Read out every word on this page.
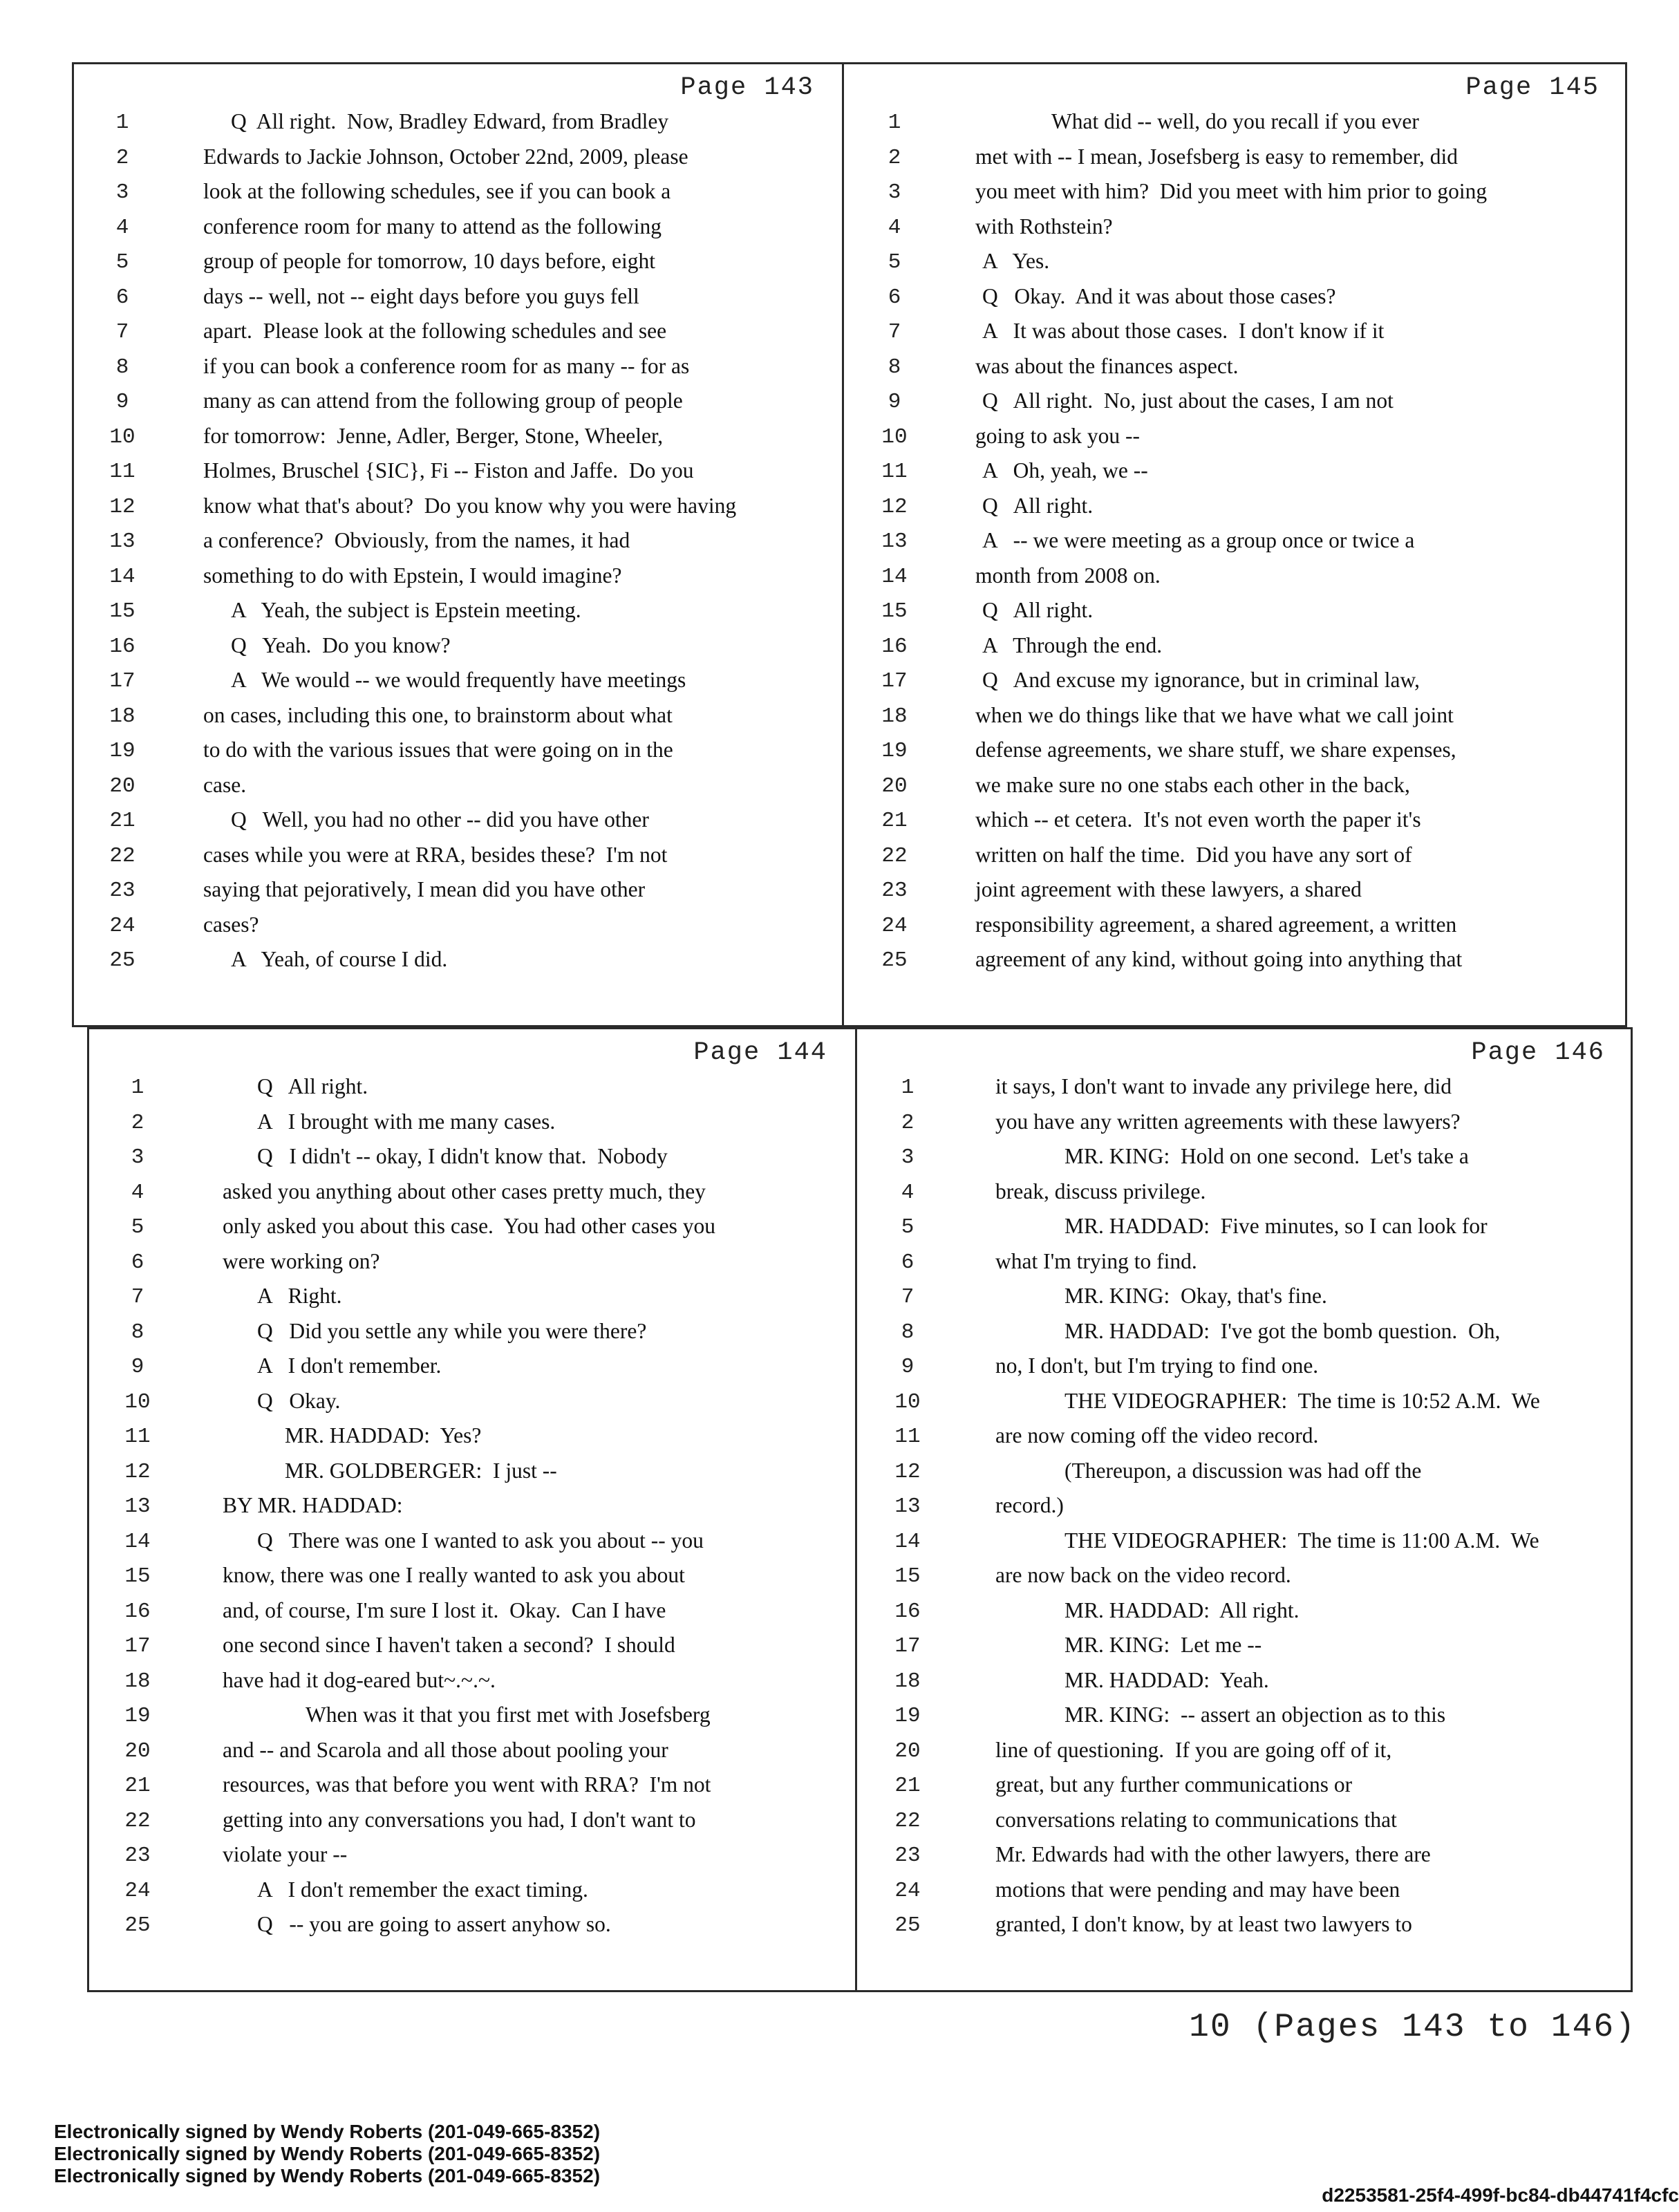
Page 143
1	Q  All right.  Now, Bradley Edward, from Bradley
2	Edwards to Jackie Johnson, October 22nd, 2009, please
3	look at the following schedules, see if you can book a
4	conference room for many to attend as the following
5	group of people for tomorrow, 10 days before, eight
6	days -- well, not -- eight days before you guys fell
7	apart.  Please look at the following schedules and see
8	if you can book a conference room for as many -- for as
9	many as can attend from the following group of people
10	for tomorrow:  Jenne, Adler, Berger, Stone, Wheeler,
11	Holmes, Bruschel {SIC}, Fi -- Fiston and Jaffe.  Do you
12	know what that's about?  Do you know why you were having
13	a conference?  Obviously, from the names, it had
14	something to do with Epstein, I would imagine?
15	A   Yeah, the subject is Epstein meeting.
16	Q   Yeah.  Do you know?
17	A   We would -- we would frequently have meetings
18	on cases, including this one, to brainstorm about what
19	to do with the various issues that were going on in the
20	case.
21	Q   Well, you had no other -- did you have other
22	cases while you were at RRA, besides these?  I'm not
23	saying that pejoratively, I mean did you have other
24	cases?
25	A   Yeah, of course I did.
Page 145
1	What did -- well, do you recall if you ever
2	met with -- I mean, Josefsberg is easy to remember, did
3	you meet with him?  Did you meet with him prior to going
4	with Rothstein?
5	A   Yes.
6	Q   Okay.  And it was about those cases?
7	A   It was about those cases.  I don't know if it
8	was about the finances aspect.
9	Q   All right.  No, just about the cases, I am not
10	going to ask you --
11	A   Oh, yeah, we --
12	Q   All right.
13	A   -- we were meeting as a group once or twice a
14	month from 2008 on.
15	Q   All right.
16	A   Through the end.
17	Q   And excuse my ignorance, but in criminal law,
18	when we do things like that we have what we call joint
19	defense agreements, we share stuff, we share expenses,
20	we make sure no one stabs each other in the back,
21	which -- et cetera.  It's not even worth the paper it's
22	written on half the time.  Did you have any sort of
23	joint agreement with these lawyers, a shared
24	responsibility agreement, a shared agreement, a written
25	agreement of any kind, without going into anything that
Page 144
1	Q   All right.
2	A   I brought with me many cases.
3	Q   I didn't -- okay, I didn't know that.  Nobody
4	asked you anything about other cases pretty much, they
5	only asked you about this case.  You had other cases you
6	were working on?
7	A   Right.
8	Q   Did you settle any while you were there?
9	A   I don't remember.
10	Q   Okay.
11	MR. HADDAD:  Yes?
12	MR. GOLDBERGER:  I just --
13	BY MR. HADDAD:
14	Q   There was one I wanted to ask you about -- you
15	know, there was one I really wanted to ask you about
16	and, of course, I'm sure I lost it.  Okay.  Can I have
17	one second since I haven't taken a second?  I should
18	have had it dog-eared but~.~.~.
19	When was it that you first met with Josefsberg
20	and -- and Scarola and all those about pooling your
21	resources, was that before you went with RRA?  I'm not
22	getting into any conversations you had, I don't want to
23	violate your --
24	A   I don't remember the exact timing.
25	Q   -- you are going to assert anyhow so.
Page 146
1	it says, I don't want to invade any privilege here, did
2	you have any written agreements with these lawyers?
3	MR. KING:  Hold on one second.  Let's take a
4	break, discuss privilege.
5	MR. HADDAD:  Five minutes, so I can look for
6	what I'm trying to find.
7	MR. KING:  Okay, that's fine.
8	MR. HADDAD:  I've got the bomb question.  Oh,
9	no, I don't, but I'm trying to find one.
10	THE VIDEOGRAPHER:  The time is 10:52 A.M.  We
11	are now coming off the video record.
12	(Thereupon, a discussion was had off the
13	record.)
14	THE VIDEOGRAPHER:  The time is 11:00 A.M.  We
15	are now back on the video record.
16	MR. HADDAD:  All right.
17	MR. KING:  Let me --
18	MR. HADDAD:  Yeah.
19	MR. KING:  -- assert an objection as to this
20	line of questioning.  If you are going off of it,
21	great, but any further communications or
22	conversations relating to communications that
23	Mr. Edwards had with the other lawyers, there are
24	motions that were pending and may have been
25	granted, I don't know, by at least two lawyers to
10 (Pages 143 to 146)
Electronically signed by Wendy Roberts (201-049-665-8352)
Electronically signed by Wendy Roberts (201-049-665-8352)
Electronically signed by Wendy Roberts (201-049-665-8352)
d2253581-25f4-499f-bc84-db44741f4cfc
